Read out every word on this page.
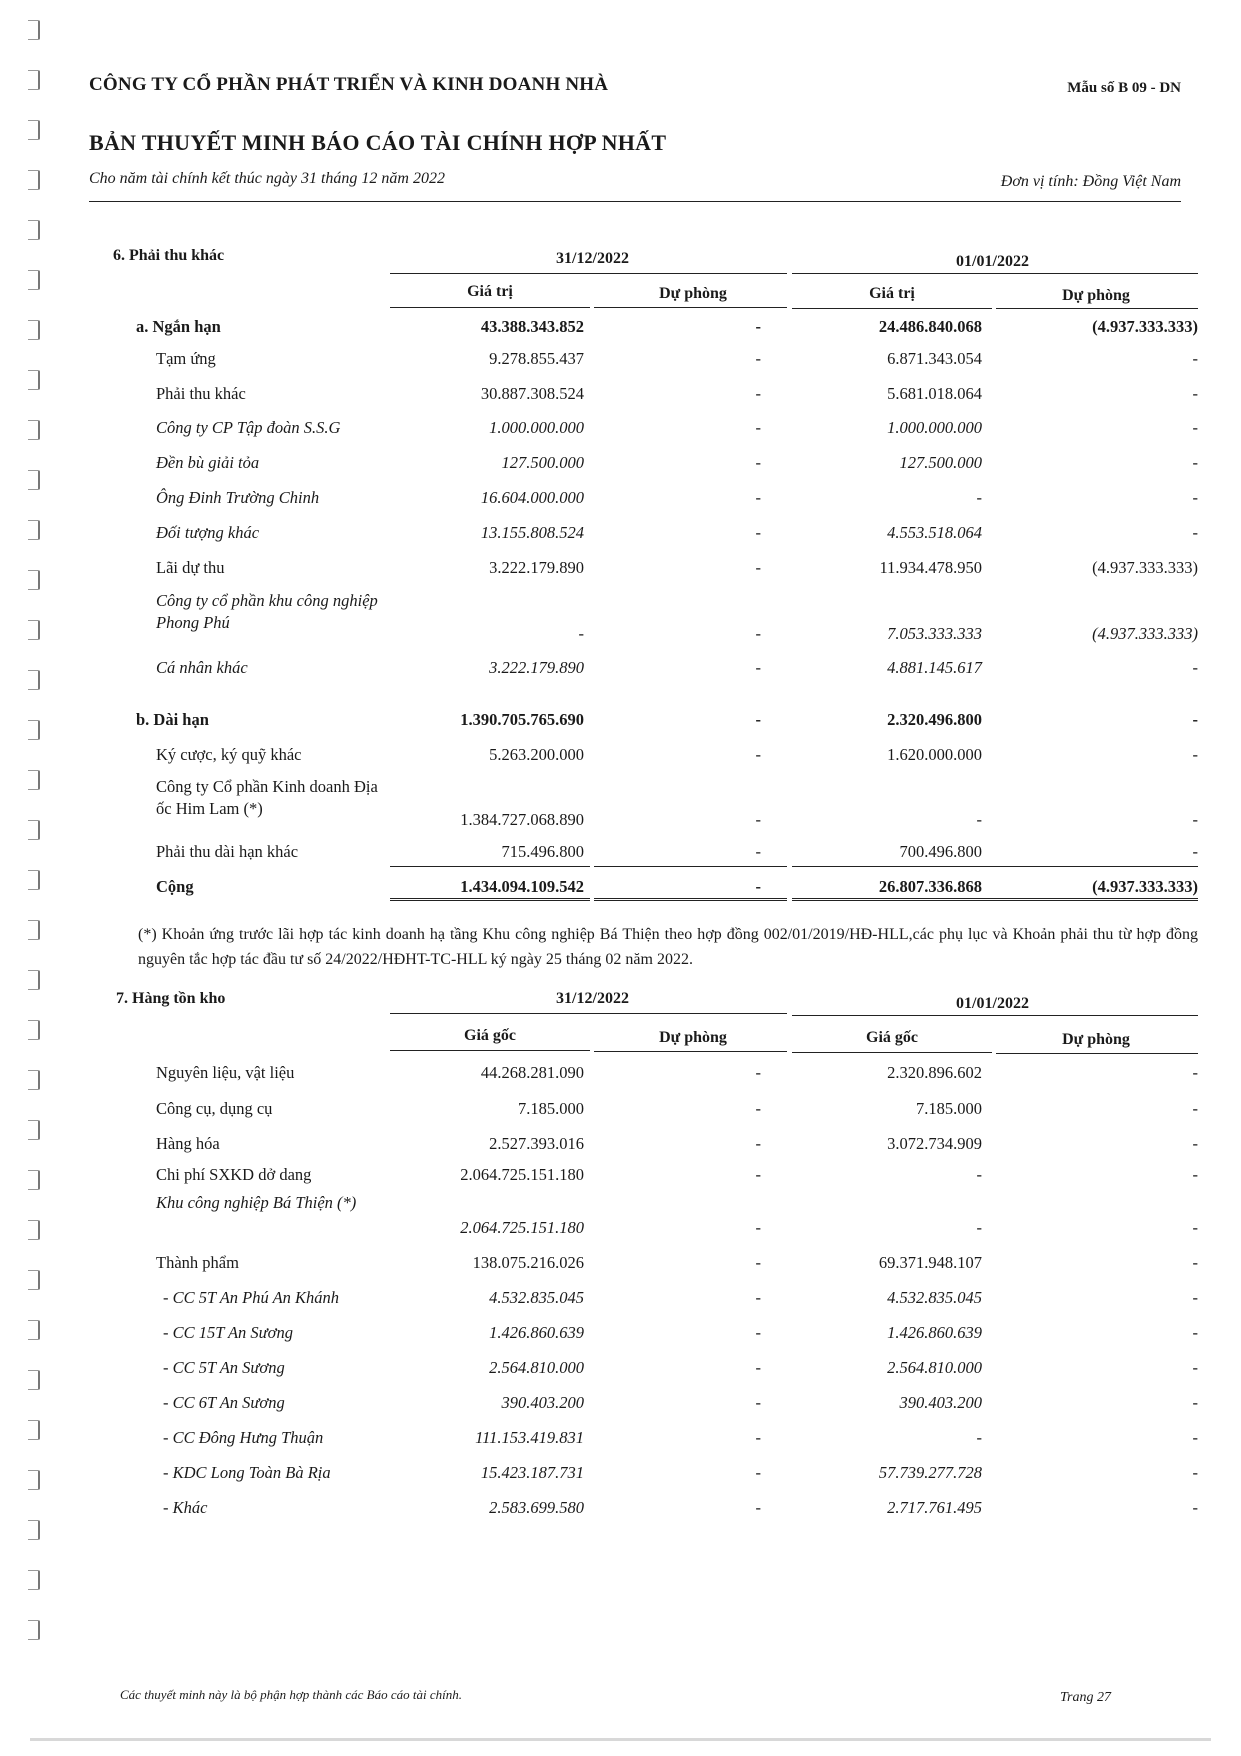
CÔNG TY CỔ PHẦN PHÁT TRIỂN VÀ KINH DOANH NHÀ	Mẫu số B 09 - DN
BẢN THUYẾT MINH BÁO CÁO TÀI CHÍNH HỢP NHẤT
Cho năm tài chính kết thúc ngày 31 tháng 12 năm 2022	Đơn vị tính: Đồng Việt Nam
6. Phải thu khác	31/12/2022	01/01/2022
Giá trị	Dự phòng	Giá trị	Dự phòng
a. Ngắn hạn	43.388.343.852	-	24.486.840.068	(4.937.333.333)
Tạm ứng	9.278.855.437	-	6.871.343.054	-
Phải thu khác	30.887.308.524	-	5.681.018.064	-
Công ty CP Tập đoàn S.S.G	1.000.000.000	-	1.000.000.000	-
Đền bù giải tỏa	127.500.000	-	127.500.000	-
Ông Đinh Trường Chinh	16.604.000.000	-	-	-
Đối tượng khác	13.155.808.524	-	4.553.518.064	-
Lãi dự thu	3.222.179.890	-	11.934.478.950	(4.937.333.333)
Công ty cổ phần khu công nghiệp Phong Phú
-	-	7.053.333.333	(4.937.333.333)
Cá nhân khác	3.222.179.890	-	4.881.145.617	-
b. Dài hạn	1.390.705.765.690	-	2.320.496.800	-
Ký cược, ký quỹ khác	5.263.200.000	-	1.620.000.000	-
Công ty Cổ phần Kinh doanh Địa ốc Him Lam (*)
1.384.727.068.890	-	-	-
Phải thu dài hạn khác	715.496.800	-	700.496.800	-
Cộng	1.434.094.109.542	-	26.807.336.868	(4.937.333.333)
(*) Khoản ứng trước lãi hợp tác kinh doanh hạ tầng Khu công nghiệp Bá Thiện theo hợp đồng 002/01/2019/HĐ-HLL,các phụ lục và Khoản phải thu từ hợp đồng nguyên tắc hợp tác đầu tư số 24/2022/HĐHT-TC-HLL ký ngày 25 tháng 02 năm 2022.
7. Hàng tồn kho	31/12/2022	01/01/2022
Giá gốc	Dự phòng	Giá gốc	Dự phòng
Nguyên liệu, vật liệu	44.268.281.090	-	2.320.896.602	-
Công cụ, dụng cụ	7.185.000	-	7.185.000	-
Hàng hóa	2.527.393.016	-	3.072.734.909	-
Chi phí SXKD dở dang	2.064.725.151.180	-	-	-
Khu công nghiệp Bá Thiện (*)
2.064.725.151.180	-	-	-
Thành phẩm	138.075.216.026	-	69.371.948.107	-
- CC 5T An Phú An Khánh	4.532.835.045	-	4.532.835.045	-
- CC 15T An Sương	1.426.860.639	-	1.426.860.639	-
- CC 5T An Sương	2.564.810.000	-	2.564.810.000	-
- CC 6T An Sương	390.403.200	-	390.403.200	-
- CC Đông Hưng Thuận	111.153.419.831	-	-	-
- KDC Long Toàn Bà Rịa	15.423.187.731	-	57.739.277.728	-
- Khác	2.583.699.580	-	2.717.761.495	-
Các thuyết minh này là bộ phận hợp thành các Báo cáo tài chính.	Trang 27
